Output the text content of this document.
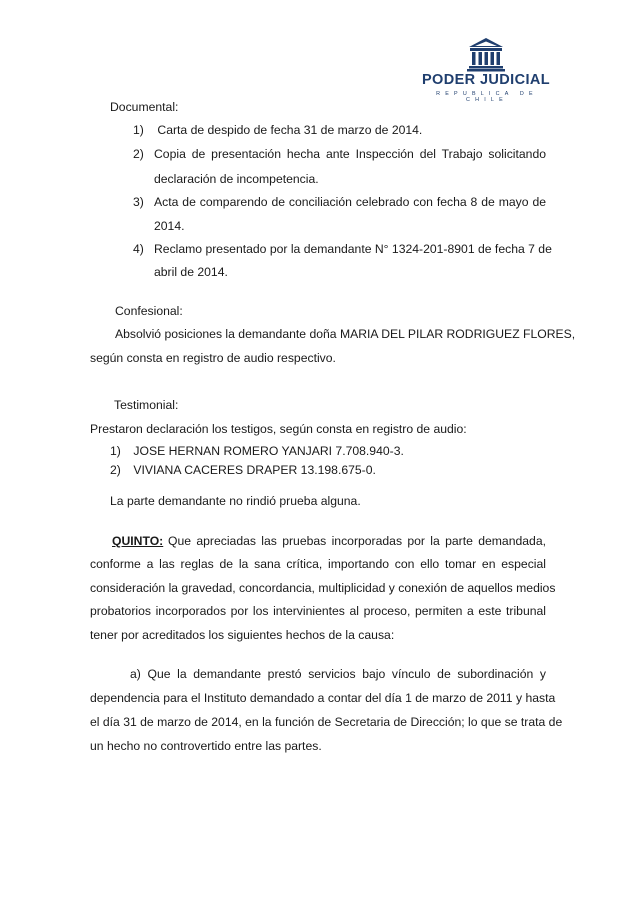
PODER JUDICIAL
REPUBLICA DE CHILE
Documental:
1) Carta de despido de fecha 31 de marzo de 2014.
2) Copia de presentación hecha ante Inspección del Trabajo solicitando
declaración de incompetencia.
3) Acta de comparendo de conciliación celebrado con fecha 8 de mayo de
2014.
4) Reclamo presentado por la demandante N° 1324-201-8901 de fecha 7 de
abril de 2014.
Confesional:
Absolvió posiciones la demandante doña MARIA DEL PILAR RODRIGUEZ FLORES,
según consta en registro de audio respectivo.
Testimonial:
Prestaron declaración los testigos, según consta en registro de audio:
1) JOSE HERNAN ROMERO YANJARI 7.708.940-3.
2) VIVIANA CACERES DRAPER 13.198.675-0.
La parte demandante no rindió prueba alguna.
QUINTO: Que apreciadas las pruebas incorporadas por la parte demandada,
conforme a las reglas de la sana crítica, importando con ello tomar en especial
consideración la gravedad, concordancia, multiplicidad y conexión de aquellos medios
probatorios incorporados por los intervinientes al proceso, permiten a este tribunal
tener por acreditados los siguientes hechos de la causa:
a) Que la demandante prestó servicios bajo vínculo de subordinación y
dependencia para el Instituto demandado a contar del día 1 de marzo de 2011 y hasta
el día 31 de marzo de 2014, en la función de Secretaria de Dirección; lo que se trata de
un hecho no controvertido entre las partes.
